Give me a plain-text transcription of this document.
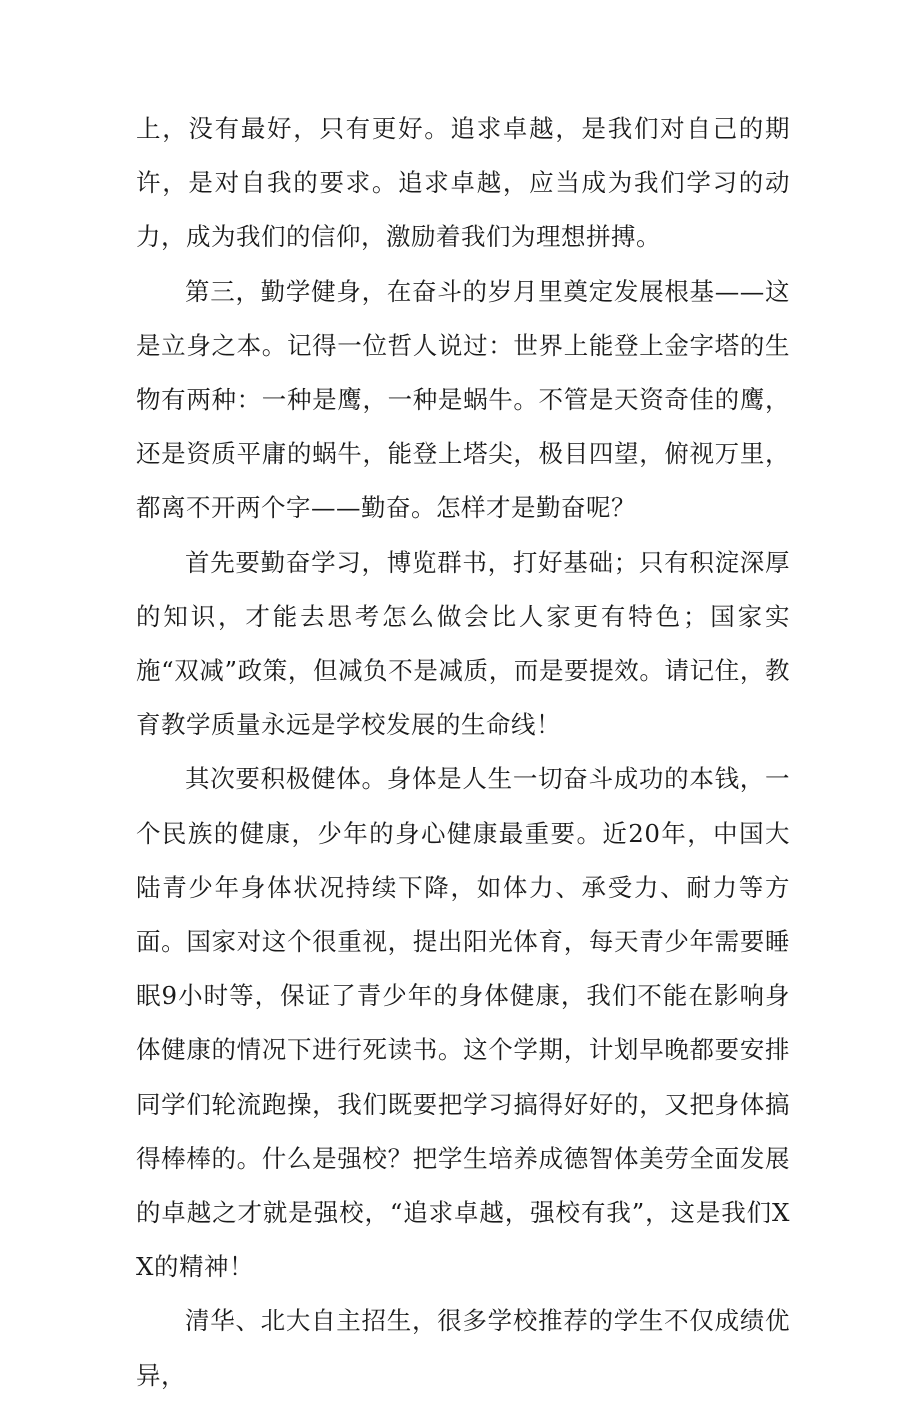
上，没有最好，只有更好。追求卓越，是我们对自己的期许，是对自我的要求。追求卓越，应当成为我们学习的动力，成为我们的信仰，激励着我们为理想拼搏。

第三，勤学健身，在奋斗的岁月里奠定发展根基——这是立身之本。记得一位哲人说过：世界上能登上金字塔的生物有两种：一种是鹰，一种是蜗牛。不管是天资奇佳的鹰，还是资质平庸的蜗牛，能登上塔尖，极目四望，俯视万里，都离不开两个字——勤奋。怎样才是勤奋呢？

首先要勤奋学习，博览群书，打好基础；只有积淀深厚的知识，才能去思考怎么做会比人家更有特色；国家实施“双减”政策，但减负不是减质，而是要提效。请记住，教育教学质量永远是学校发展的生命线！

其次要积极健体。身体是人生一切奋斗成功的本钱，一个民族的健康，少年的身心健康最重要。近20年，中国大陆青少年身体状况持续下降，如体力、承受力、耐力等方面。国家对这个很重视，提出阳光体育，每天青少年需要睡眠9小时等，保证了青少年的身体健康，我们不能在影响身体健康的情况下进行死读书。这个学期，计划早晚都要安排同学们轮流跑操，我们既要把学习搞得好好的，又把身体搞得棒棒的。什么是强校？把学生培养成德智体美劳全面发展的卓越之才就是强校，“追求卓越，强校有我”，这是我们XX的精神！

清华、北大自主招生，很多学校推荐的学生不仅成绩优异，
